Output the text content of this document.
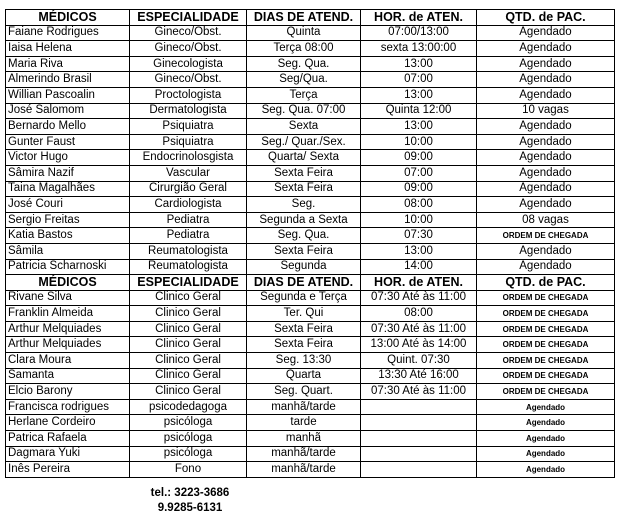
MÉDICOS	ESPECIALIDADE	DIAS DE ATEND.	HOR. de ATEN.	QTD. de PAC.
Faiane Rodrigues	Gineco/Obst.	Quinta	07:00/13:00	Agendado
Iaisa Helena	Gineco/Obst.	Terça 08:00	sexta 13:00:00	Agendado
Maria Riva	Ginecologista	Seg. Qua.	13:00	Agendado
Almerindo Brasil	Gineco/Obst.	Seg/Qua.	07:00	Agendado
Willian Pascoalin	Proctologista	Terça	13:00	Agendado
José Salomom	Dermatologista	Seg. Qua. 07:00	Quinta 12:00	10 vagas
Bernardo Mello	Psiquiatra	Sexta	13:00	Agendado
Gunter Faust	Psiquiatra	Seg./ Quar./Sex.	10:00	Agendado
Victor Hugo	Endocrinolosgista	Quarta/ Sexta	09:00	Agendado
Sâmira Nazif	Vascular	Sexta Feira	07:00	Agendado
Taina Magalhães	Cirurgião Geral	Sexta Feira	09:00	Agendado
José Couri	Cardiologista	Seg.	08:00	Agendado
Sergio Freitas	Pediatra	Segunda a Sexta	10:00	08 vagas
Katia Bastos	Pediatra	Seg. Qua.	07:30	ORDEM DE CHEGADA
Sâmila	Reumatologista	Sexta Feira	13:00	Agendado
Patricia Scharnoski	Reumatologista	Segunda	14:00	Agendado
MÉDICOS	ESPECIALIDADE	DIAS DE ATEND.	HOR. de ATEN.	QTD. de PAC.
Rivane Silva	Clinico Geral	Segunda e Terça	07:30 Até às 11:00	ORDEM DE CHEGADA
Franklin Almeida	Clinico Geral	Ter. Qui	08:00	ORDEM DE CHEGADA
Arthur Melquiades	Clinico Geral	Sexta Feira	07:30 Até às 11:00	ORDEM DE CHEGADA
Arthur Melquiades	Clinico Geral	Sexta Feira	13:00 Até às 14:00	ORDEM DE CHEGADA
Clara Moura	Clinico Geral	Seg. 13:30	Quint. 07:30	ORDEM DE CHEGADA
Samanta	Clinico Geral	Quarta	13:30 Até 16:00	ORDEM DE CHEGADA
Elcio Barony	Clinico Geral	Seg. Quart.	07:30 Até às 11:00	ORDEM DE CHEGADA
Francisca rodrigues	psicodedagoga	manhã/tarde		Agendado
Herlane Cordeiro	psicóloga	tarde		Agendado
Patrica Rafaela	psicóloga	manhã		Agendado
Dagmara Yuki	psicóloga	manhã/tarde		Agendado
Inês Pereira	Fono	manhã/tarde		Agendado
tel.: 3223-3686
9.9285-6131
